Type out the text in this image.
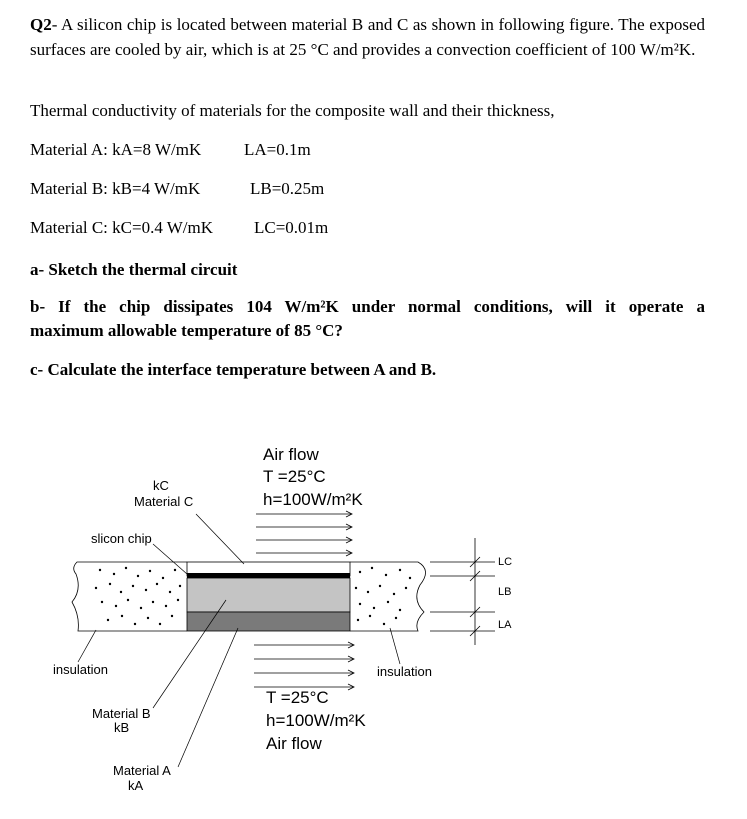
Q2- A silicon chip is located between material B and C as shown in following figure. The exposed surfaces are cooled by air, which is at 25 °C and provides a convection coefficient of 100 W/m²K.
Thermal conductivity of materials for the composite wall and their thickness,
Material A: kA=8 W/mK	LA=0.1m
Material B: kB=4 W/mK	LB=0.25m
Material C: kC=0.4 W/mK LC=0.01m
a- Sketch the thermal circuit
b- If the chip dissipates 104 W/m²K under normal conditions, will it operate a
maximum allowable temperature of 85 °C?
c- Calculate the interface temperature between A and B.
Air flow
T =25°C
h=100W/m²K
kC
Material C
slicon chip
insulation	insulation
Material B
kB
Material A
kA
T =25°C
h=100W/m²K
Air flow
LC
LB
LA
